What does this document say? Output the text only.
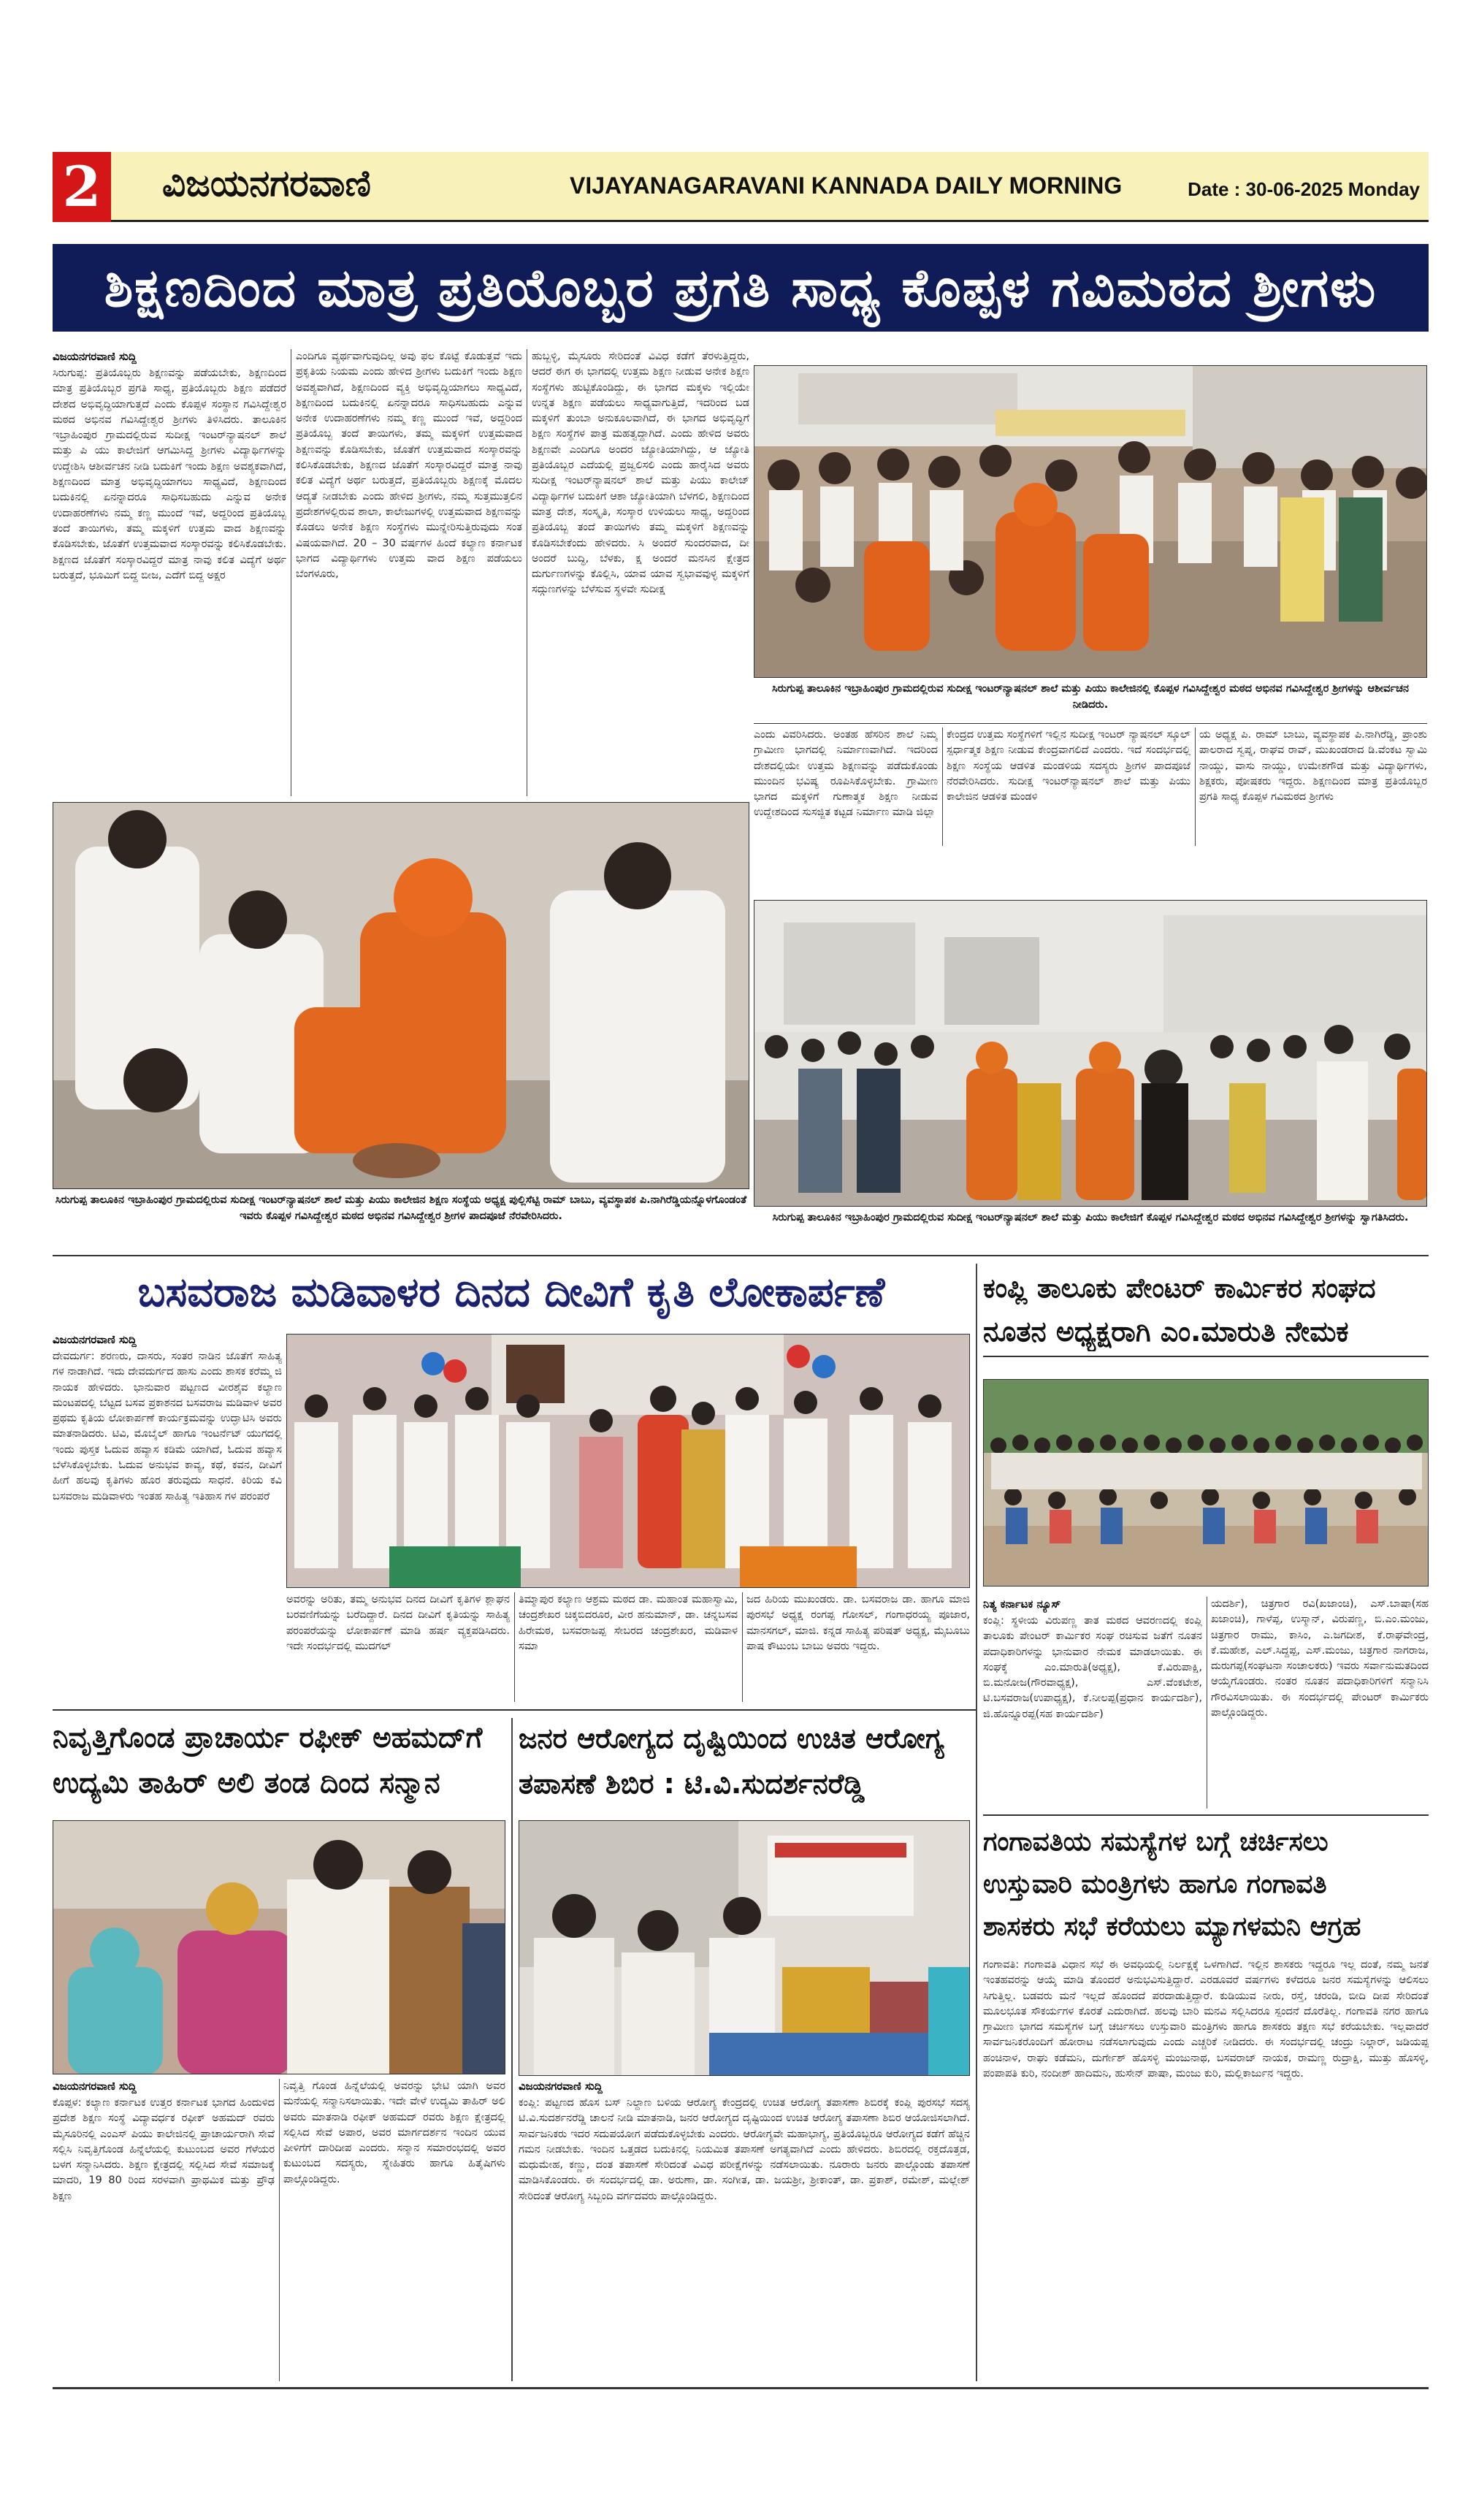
2 ವಿಜಯನಗರವಾಣಿ	VIJAYANAGARAVANI KANNADA DAILY MORNING	Date : 30-06-2025 Monday
ಶಿಕ್ಷಣದಿಂದ ಮಾತ್ರ ಪ್ರತಿಯೊಬ್ಬರ ಪ್ರಗತಿ ಸಾಧ್ಯ ಕೊಪ್ಪಳ ಗವಿಮಠದ ಶ್ರೀಗಳು

ವಿಜಯನಗರವಾಣಿ ಸುದ್ದಿ

ಸಿರುಗುಪ್ಪ: ಪ್ರತಿಯೊಬ್ಬರು ಶಿಕ್ಷಣವನ್ನು ಪಡೆಯಬೇಕು, ಶಿಕ್ಷಣದಿಂದ ಮಾತ್ರ ಪ್ರತಿಯೊಬ್ಬರ ಪ್ರಗತಿ ಸಾಧ್ಯ, ಪ್ರತಿಯೊಬ್ಬರು ಶಿಕ್ಷಣ ಪಡೆದರೆ ದೇಶದ ಅಭಿವೃದ್ಧಿಯಾಗುತ್ತದೆ ಎಂದು ಕೊಪ್ಪಳ ಸಂಸ್ಥಾನ ಗವಿಸಿದ್ದೇಶ್ವರ ಮಠದ ಅಭಿನವ ಗವಿಸಿದ್ದೇಶ್ವರ ಶ್ರೀಗಳು ತಿಳಿಸಿದರು. ತಾಲೂಕಿನ ಇಬ್ರಾಹಿಂಪುರ ಗ್ರಾಮದಲ್ಲಿರುವ ಸುದೀಕ್ಷ ಇಂಟರ್‌ನ್ಯಾಷನಲ್ ಶಾಲೆ ಮತ್ತು ಪಿ ಯು ಕಾಲೇಜಿಗೆ ಆಗಮಿಸಿದ್ದ ಶ್ರೀಗಳು ವಿದ್ಯಾರ್ಥಿಗಳನ್ನು ಉದ್ದೇಶಿಸಿ ಆಶೀರ್ವಚನ ನೀಡಿ ಬದುಕಿಗೆ ಇಂದು ಶಿಕ್ಷಣ ಅವಶ್ಯಕವಾಗಿದೆ, ಶಿಕ್ಷಣದಿಂದ ಮಾತ್ರ ಅಭಿವೃದ್ಧಿಯಾಗಲು ಸಾಧ್ಯವಿದೆ, ಶಿಕ್ಷಣದಿಂದ ಬದುಕಿನಲ್ಲಿ ಏನನ್ನಾದರೂ ಸಾಧಿಸಬಹುದು ಎನ್ನುವ ಅನೇಕ ಉದಾಹರಣೆಗಳು ನಮ್ಮ ಕಣ್ಣ ಮುಂದೆ ಇವೆ, ಅದ್ದರಿಂದ ಪ್ರತಿಯೊಬ್ಬ ತಂದೆ ತಾಯಿಗಳು, ತಮ್ಮ ಮಕ್ಕಳಿಗೆ ಉತ್ತಮ ವಾದ ಶಿಕ್ಷಣವನ್ನು ಕೊಡಿಸಬೇಕು, ಜೊತೆಗೆ ಉತ್ತಮವಾದ ಸಂಸ್ಕಾರವನ್ನು ಕಲಿಸಿಕೊಡಬೇಕು. ಶಿಕ್ಷಣದ ಜೊತೆಗೆ ಸಂಸ್ಕಾರವಿದ್ದರೆ ಮಾತ್ರ ನಾವು ಕಲಿತ ವಿದ್ಯೆಗೆ ಅರ್ಥ ಬರುತ್ತದೆ, ಭೂಮಿಗೆ ಬಿದ್ದ ಬೀಜ, ಎದೆಗೆ ಬಿದ್ದ ಅಕ್ಷರ

ಎಂದಿಗೂ ವ್ಯರ್ಥವಾಗುವುದಿಲ್ಲ ಅವು ಫಲ ಕೊಟ್ಟೆ ಕೊಡುತ್ತವೆ ಇದು ಪ್ರಕೃತಿಯ ನಿಯಮ ಎಂದು ಹೇಳಿದ ಶ್ರೀಗಳು ಬದುಕಿಗೆ ಇಂದು ಶಿಕ್ಷಣ ಅವಶ್ಯವಾಗಿದೆ, ಶಿಕ್ಷಣದಿಂದ ವ್ಯಕ್ತಿ ಅಭಿವೃದ್ಧಿಯಾಗಲು ಸಾಧ್ಯವಿದೆ, ಶಿಕ್ಷಣದಿಂದ ಬದುಕಿನಲ್ಲಿ ಏನನ್ನಾದರೂ ಸಾಧಿಸಬಹುದು ಎನ್ನುವ ಅನೇಕ ಉದಾಹರಣೆಗಳು ನಮ್ಮ ಕಣ್ಣ ಮುಂದೆ ಇವೆ, ಅದ್ದರಿಂದ ಪ್ರತಿಯೊಬ್ಬ ತಂದೆ ತಾಯಿಗಳು, ತಮ್ಮ ಮಕ್ಕಳಿಗೆ ಉತ್ತಮವಾದ ಶಿಕ್ಷಣವನ್ನು ಕೊಡಿಸಬೇಕು, ಜೊತೆಗೆ ಉತ್ತಮವಾದ ಸಂಸ್ಕಾರವನ್ನು ಕಲಿಸಿಕೊಡಬೇಕು, ಶಿಕ್ಷಣದ ಜೊತೆಗೆ ಸಂಸ್ಕಾರವಿದ್ದರೆ ಮಾತ್ರ ನಾವು ಕಲಿತ ವಿದ್ಯೆಗೆ ಅರ್ಥ ಬರುತ್ತದೆ, ಪ್ರತಿಯೊಬ್ಬರು ಶಿಕ್ಷಣಕ್ಕೆ ಮೊದಲ ಆದ್ಯತೆ ನೀಡಬೇಕು ಎಂದು ಹೇಳಿದ ಶ್ರೀಗಳು, ನಮ್ಮ ಸುತ್ತಮುತ್ತಲಿನ ಪ್ರದೇಶಗಳಲ್ಲಿರುವ ಶಾಲಾ, ಕಾಲೇಜುಗಳಲ್ಲಿ ಉತ್ತಮವಾದ ಶಿಕ್ಷಣವನ್ನು ಕೊಡಲು ಅನೇಕ ಶಿಕ್ಷಣ ಸಂಸ್ಥೆಗಳು ಮುನ್ನೇರಿಸುತ್ತಿರುವುದು ಸಂತ ವಿಷಯವಾಗಿದೆ. 20 – 30 ವರ್ಷಗಳ ಹಿಂದೆ ಕಲ್ಯಾಣ ಕರ್ನಾಟಕ ಭಾಗದ ವಿದ್ಯಾರ್ಥಿಗಳು ಉತ್ತಮ ವಾದ ಶಿಕ್ಷಣ ಪಡೆಯಲು ಬೆಂಗಳೂರು,

ಹುಬ್ಬಳ್ಳಿ, ಮೈಸೂರು ಸೇರಿದಂತೆ ವಿವಿಧ ಕಡೆಗೆ ತೆರಳುತ್ತಿದ್ದರು, ಆದರೆ ಈಗ ಈ ಭಾಗದಲ್ಲಿ ಉತ್ತಮ ಶಿಕ್ಷಣ ನೀಡುವ ಅನೇಕ ಶಿಕ್ಷಣ ಸಂಸ್ಥೆಗಳು ಹುಟ್ಟಿಕೊಂಡಿದ್ದು, ಈ ಭಾಗದ ಮಕ್ಕಳು ಇಲ್ಲಿಯೇ ಉನ್ನತ ಶಿಕ್ಷಣ ಪಡೆಯಲು ಸಾಧ್ಯವಾಗುತ್ತಿದೆ, ಇದರಿಂದ ಬಡ ಮಕ್ಕಳಿಗೆ ತುಂಬಾ ಅನುಕೂಲವಾಗಿದೆ, ಈ ಭಾಗದ ಅಭಿವೃದ್ಧಿಗೆ ಶಿಕ್ಷಣ ಸಂಸ್ಥೆಗಳ ಪಾತ್ರ ಮಹತ್ವದ್ದಾಗಿದೆ. ಎಂದು ಹೇಳಿದ ಅವರು ಶಿಕ್ಷಣವೇ ಎಂದಿಗೂ ಅಂದರ ಜ್ಯೋತಿಯಾಗಿದ್ದು, ಆ ಜ್ಯೋತಿ ಪ್ರತಿಯೊಬ್ಬರ ಎದೆಯಲ್ಲಿ ಪ್ರಜ್ವಲಿಸಲಿ ಎಂದು ಹಾರೈಸಿದ ಅವರು ಸುದೀಕ್ಷ ಇಂಟರ್‌ನ್ಯಾಷನಲ್ ಶಾಲೆ ಮತ್ತು ಪಿಯು ಕಾಲೇಜ್ ವಿದ್ಯಾರ್ಥಿಗಳ ಬದುಕಿಗೆ ಆಶಾ ಜ್ಯೋತಿಯಾಗಿ ಬೆಳಗಲಿ, ಶಿಕ್ಷಣದಿಂದ ಮಾತ್ರ ದೇಶ, ಸಂಸ್ಕೃತಿ, ಸಂಸ್ಕಾರ ಉಳಿಯಲು ಸಾಧ್ಯ, ಅದ್ದರಿಂದ ಪ್ರತಿಯೊಬ್ಬ ತಂದೆ ತಾಯಿಗಳು ತಮ್ಮ ಮಕ್ಕಳಿಗೆ ಶಿಕ್ಷಣವನ್ನು ಕೊಡಿಸಬೇಕೆಂದು ಹೇಳಿದರು. ಸಿ ಅಂದರೆ ಸುಂದರವಾದ, ದೀ ಅಂದರೆ ಬುದ್ಧಿ, ಬೆಳಕು, ಕ್ಷ ಅಂದರೆ ಮನಸಿನ ಕ್ಷೇತ್ರದ ದುರ್ಗುಣಗಳನ್ನು ಕೊಲ್ಲಿಸಿ, ಯಾವ ಯಾವ ಸ್ವಭಾವವುಳ್ಳ ಮಕ್ಕಳಿಗೆ ಸದ್ಗುಣಗಳನ್ನು ಬೆಳೆಸುವ ಸ್ಥಳವೇ ಸುದೀಕ್ಷ

ಸಿರುಗುಪ್ಪ ತಾಲೂಕಿನ ಇಬ್ರಾಹಿಂಪುರ ಗ್ರಾಮದಲ್ಲಿರುವ ಸುದೀಕ್ಷ ಇಂಟರ್‌ನ್ಯಾಷನಲ್ ಶಾಲೆ ಮತ್ತು ಪಿಯು ಕಾಲೇಜಿನಲ್ಲಿ ಕೊಪ್ಪಳ ಗವಿಸಿದ್ದೇಶ್ವರ ಮಠದ ಅಭಿನವ ಗವಿಸಿದ್ದೇಶ್ವರ ಶ್ರೀಗಳನ್ನು ಆಶೀರ್ವಚನ ನೀಡಿದರು.

ಎಂದು ವಿವರಿಸಿದರು. ಅಂತಹ ಹೆಸರಿನ ಶಾಲೆ ನಿಮ್ಮ ಗ್ರಾಮೀಣ ಭಾಗದಲ್ಲಿ ನಿರ್ಮಾಣವಾಗಿದೆ. ಇದರಿಂದ ದೇಶದಲ್ಲಿಯೇ ಉತ್ತಮ ಶಿಕ್ಷಣವನ್ನು ಪಡೆದುಕೊಂಡು ಮುಂದಿನ ಭವಿಷ್ಯ ರೂಪಿಸಿಕೊಳ್ಳಬೇಕು. ಗ್ರಾಮೀಣ ಭಾಗದ ಮಕ್ಕಳಿಗೆ ಗುಣಾತ್ಮಕ ಶಿಕ್ಷಣ ನೀಡುವ ಉದ್ದೇಶದಿಂದ ಸುಸಜ್ಜಿತ ಕಟ್ಟಡ ನಿರ್ಮಾಣ ಮಾಡಿ ಜಿಲ್ಲಾ

ಕೇಂದ್ರದ ಉತ್ತಮ ಸಂಸ್ಥೆಗಳಿಗೆ ಇಲ್ಲಿನ ಸುದೀಕ್ಷ ಇಂಟರ್ ನ್ಯಾಷನಲ್ ಸ್ಕೂಲ್ ಸ್ಪರ್ಧಾತ್ಮಕ ಶಿಕ್ಷಣ ನೀಡುವ ಕೇಂದ್ರವಾಗಲಿದೆ ಎಂದರು. ಇದೆ ಸಂದರ್ಭದಲ್ಲಿ ಶಿಕ್ಷಣ ಸಂಸ್ಥೆಯ ಆಡಳಿತ ಮಂಡಳಿಯ ಸದಸ್ಯರು ಶ್ರೀಗಳ ಪಾದಪೂಜೆ ನೆರವೇರಿಸಿದರು. ಸುದೀಕ್ಷ ಇಂಟರ್‌ನ್ಯಾಷನಲ್ ಶಾಲೆ ಮತ್ತು ಪಿಯು ಕಾಲೇಜಿನ ಆಡಳಿತ ಮಂಡಳಿ

ಯ ಅಧ್ಯಕ್ಷ ಪಿ. ರಾಮ್ ಬಾಬು, ವ್ಯವಸ್ಥಾಪಕ ಪಿ.ನಾಗಿರೆಡ್ಡಿ, ಪ್ರಾಂಶು ಪಾಲರಾದ ಸ್ವಪ್ನ, ರಾಘವ ರಾವ್, ಮುಖಂಡರಾದ ಡಿ.ವೆಂಕಟ ಸ್ವಾಮಿ ನಾಯ್ಡು, ವಾಸು ನಾಯ್ಡು, ಉಮೇಶಗೌಡ ಮತ್ತು ವಿದ್ಯಾರ್ಥಿಗಳು, ಶಿಕ್ಷಕರು, ಪೋಷಕರು ಇದ್ದರು. ಶಿಕ್ಷಣದಿಂದ ಮಾತ್ರ ಪ್ರತಿಯೊಬ್ಬರ ಪ್ರಗತಿ ಸಾಧ್ಯ ಕೊಪ್ಪಳ ಗವಿಮಠದ ಶ್ರೀಗಳು

ಸಿರುಗುಪ್ಪ ತಾಲೂಕಿನ ಇಬ್ರಾಹಿಂಪುರ ಗ್ರಾಮದಲ್ಲಿರುವ ಸುದೀಕ್ಷ ಇಂಟರ್‌ನ್ಯಾಷನಲ್ ಶಾಲೆ ಮತ್ತು ಪಿಯು ಕಾಲೇಜಿನ ಶಿಕ್ಷಣ ಸಂಸ್ಥೆಯ ಅಧ್ಯಕ್ಷ ಪುಲ್ಲಿಸೆಟ್ಟಿ ರಾಮ್ ಬಾಬು, ವ್ಯವಸ್ಥಾಪಕ ಪಿ.ನಾಗಿರೆಡ್ಡಿಯನ್ನೊಳಗೊಂಡಂತೆ ಇವರು ಕೊಪ್ಪಳ ಗವಿಸಿದ್ದೇಶ್ವರ ಮಠದ ಅಭಿನವ ಗವಿಸಿದ್ದೇಶ್ವರ ಶ್ರೀಗಳ ಪಾದಪೂಜೆ ನೆರವೇರಿಸಿದರು.	ಸಿರುಗುಪ್ಪ ತಾಲೂಕಿನ ಇಬ್ರಾಹಿಂಪುರ ಗ್ರಾಮದಲ್ಲಿರುವ ಸುದೀಕ್ಷ ಇಂಟರ್‌ನ್ಯಾಷನಲ್ ಶಾಲೆ ಮತ್ತು ಪಿಯು ಕಾಲೇಜಿಗೆ ಕೊಪ್ಪಳ ಗವಿಸಿದ್ದೇಶ್ವರ ಮಠದ ಅಭಿನವ ಗವಿಸಿದ್ದೇಶ್ವರ ಶ್ರೀಗಳನ್ನು ಸ್ವಾಗತಿಸಿದರು.
ಬಸವರಾಜ ಮಡಿವಾಳರ ದಿನದ ದೀವಿಗೆ ಕೃತಿ ಲೋಕಾರ್ಪಣೆ

ವಿಜಯನಗರವಾಣಿ ಸುದ್ದಿ

ದೇವದುರ್ಗ: ಶರಣರು, ದಾಸರು, ಸಂತರ ನಾಡಿನ ಜೊತೆಗೆ ಸಾಹಿತ್ಯ ಗಳ ನಾಡಾಗಿದೆ. ಇದು ದೇವದುರ್ಗದ ಹಾಸು ಎಂದು ಶಾಸಕ ಕರೆಮ್ಮ ಜಿ ನಾಯಕ ಹೇಳಿದರು. ಭಾನುವಾರ ಪಟ್ಟಣದ ವೀರಶೈವ ಕಲ್ಯಾಣ ಮಂಟಪದಲ್ಲಿ ಬೆಟ್ಟದ ಬಸವ ಪ್ರಕಾಶನದ ಬಸವರಾಜ ಮಡಿವಾಳ ಅವರ ಪ್ರಥಮ ಕೃತಿಯ ಲೋಕಾರ್ಪಣೆ ಕಾರ್ಯಕ್ರಮವನ್ನು ಉದ್ಘಾಟಿಸಿ ಅವರು ಮಾತನಾಡಿದರು. ಟಿವಿ, ಮೊಬೈಲ್ ಹಾಗೂ ಇಂಟರ್ನೆಟ್ ಯುಗದಲ್ಲಿ ಇಂದು ಪುಸ್ತಕ ಓದುವ ಹವ್ಯಾಸ ಕಡಿಮೆ ಯಾಗಿದೆ, ಓದುವ ಹವ್ಯಾಸ ಬೆಳೆಸಿಕೊಳ್ಳಬೇಕು. ಓದುವ ಅನುಭವ ಕಾವ್ಯ, ಕಥೆ, ಕವನ, ದೀವಿಗೆ ಹೀಗೆ ಹಲವು ಕೃತಿಗಳು ಹೊರ ತರುವುದು ಸಾಧನೆ. ಕಿರಿಯ ಕವಿ ಬಸವರಾಜ ಮಡಿವಾಳರು ಇಂತಹ ಸಾಹಿತ್ಯ ಇತಿಹಾಸ ಗಳ ಪರಂಪರೆ

ಅವರನ್ನು ಅರಿತು, ತಮ್ಮ ಅನುಭವ ದಿನದ ದೀವಿಗೆ ಕೃತಿಗಳ ಶ್ಲಾಘನ ಬರವಣಿಗೆಯನ್ನು ಬರೆದಿದ್ದಾರೆ. ದಿನದ ದೀವಿಗೆ ಕೃತಿಯನ್ನು ಸಾಹಿತ್ಯ ಪರಂಪರೆಯನ್ನು ಲೋಕಾರ್ಪಣೆ ಮಾಡಿ ಹರ್ಷ ವ್ಯಕ್ತಪಡಿಸಿದರು. ಇದೇ ಸಂದರ್ಭದಲ್ಲಿ ಮುದಗಲ್

ತಿಮ್ಮಾಪುರ ಕಲ್ಯಾಣ ಆಶ್ರಮ ಮಠದ ಡಾ. ಮಹಾಂತ ಮಹಾಸ್ವಾಮಿ, ಚಂದ್ರಶೇಖರ ಚಿಕ್ಕಬಿದರೂರ, ವೀರ ಹನುಮಾನ್, ಡಾ. ಚನ್ನಬಸವ ಹಿರೇಮಠ, ಬಸವರಾಜಪ್ಪ ಸೇಬರದ ಚಂದ್ರಶೇಖರ, ಮಡಿವಾಳ ಸಮಾ

ಜದ ಹಿರಿಯ ಮುಖಂಡರು. ಡಾ. ಬಸವರಾಜ ಡಾ. ಹಾಗೂ ಮಾಜಿ ಪುರಸಭೆ ಅಧ್ಯಕ್ಷ ರಂಗಪ್ಪ ಗೋಸಲ್, ಗಂಗಾಧರಯ್ಯ ಪೂಜಾರ, ಮಾನಸಗಲ್, ಮಾಜಿ. ಕನ್ನಡ ಸಾಹಿತ್ಯ ಪರಿಷತ್ ಅಧ್ಯಕ್ಷ, ಮೈಬೂಬು ಪಾಷ ಕೌಟುಂಬ ಬಾಬು ಅವರು ಇದ್ದರು.

ಕಂಪ್ಲಿ ತಾಲೂಕು ಪೇಂಟರ್ ಕಾರ್ಮಿಕರ ಸಂಘದ
ನೂತನ ಅಧ್ಯಕ್ಷರಾಗಿ ಎಂ.ಮಾರುತಿ ನೇಮಕ

ನಿತ್ಯ ಕರ್ನಾಟಕ ನ್ಯೂಸ್

ಕಂಪ್ಲಿ: ಸ್ಥಳೀಯ ವಿರುಪಣ್ಣ ತಾತ ಮಠದ ಆವರಣದಲ್ಲಿ ಕಂಪ್ಲಿ ತಾಲೂಕು ಪೇಂಟರ್ ಕಾರ್ಮಿಕರ ಸಂಘ ರಚಿಸುವ ಜತೆಗೆ ನೂತನ ಪದಾಧಿಕಾರಿಗಳನ್ನು ಭಾನುವಾರ ನೇಮಕ ಮಾಡಲಾಯಿತು. ಈ ಸಂಘಕ್ಕೆ ಎಂ.ಮಾರುತಿ(ಅಧ್ಯಕ್ಷ), ಕೆ.ವಿರುಪಾಕ್ಷಿ, ಬಿ.ಮನೋಜ(ಗೌರವಾಧ್ಯಕ್ಷ), ಎಸ್.ವೆಂಕಟೇಶ, ಟಿ.ಬಸವರಾಜ(ಉಪಾಧ್ಯಕ್ಷ), ಕೆ.ನೀಲಪ್ಪ(ಪ್ರಧಾನ ಕಾರ್ಯದರ್ಶಿ), ಜಿ.ಹೊನ್ನೂರಪ್ಪ(ಸಹ ಕಾರ್ಯದರ್ಶಿ)

ಯದರ್ಶಿ), ಚಿತ್ರಗಾರ ರವಿ(ಖಜಾಂಚಿ), ಎಸ್.ಬಾಷಾ(ಸಹ ಖಜಾಂಚಿ), ಗಾಳೆಪ್ಪ, ಉಸ್ಮಾನ್, ವಿರುಪಣ್ಣ, ಬಿ.ಎಂ.ಮಂಜು, ಚಿತ್ರಗಾರ ರಾಮು, ಕಾಸಿಂ, ಎ.ಜಗದೀಶ, ಕೆ.ರಾಘವೇಂದ್ರ, ಕೆ.ಮಹೇಶ, ಎಲ್.ಸಿದ್ದಪ್ಪ, ಎಸ್.ಮಂಜು, ಚಿತ್ರಗಾರ ನಾಗರಾಜ, ದುರುಗಪ್ಪ(ಸಂಘಟನಾ ಸಂಚಾಲಕರು) ಇವರು ಸರ್ವಾನುಮತದಿಂದ ಆಯ್ಕೆಗೊಂಡರು. ನಂತರ ನೂತನ ಪದಾಧಿಕಾರಿಗಳಿಗೆ ಸನ್ಮಾನಿಸಿ ಗೌರವಿಸಲಾಯಿತು. ಈ ಸಂದರ್ಭದಲ್ಲಿ ಪೇಂಟರ್ ಕಾರ್ಮಿಕರು ಪಾಲ್ಗೊಂಡಿದ್ದರು.

ನಿವೃತ್ತಿಗೊಂಡ ಪ್ರಾಚಾರ್ಯ ರಫೀಕ್ ಅಹಮದ್‌ಗೆ
ಉದ್ಯಮಿ ತಾಹಿರ್ ಅಲಿ ತಂಡ ದಿಂದ ಸನ್ಮಾನ

ವಿಜಯನಗರವಾಣಿ ಸುದ್ದಿ

ಕೊಪ್ಪಳ: ಕಲ್ಯಾಣ ಕರ್ನಾಟಕ ಉತ್ತರ ಕರ್ನಾಟಕ ಭಾಗದ ಹಿಂದುಳಿದ ಪ್ರದೇಶ ಶಿಕ್ಷಣ ಸಂಸ್ಥೆ ವಿದ್ಯಾವರ್ಧಕ ರಫೀಕ್ ಅಹಮದ್ ರವರು ಮೈಸೂರಿನಲ್ಲಿ ಎಂಎಸ್ ಪಿಯು ಕಾಲೇಜಿನಲ್ಲಿ ಪ್ರಾಚಾರ್ಯರಾಗಿ ಸೇವೆ ಸಲ್ಲಿಸಿ ನಿವೃತ್ತಿಗೊಂಡ ಹಿನ್ನೆಲೆಯಲ್ಲಿ ಕುಟುಂಬದ ಅವರ ಗೆಳೆಯರ ಬಳಗ ಸನ್ಮಾನಿಸಿದರು. ಶಿಕ್ಷಣ ಕ್ಷೇತ್ರದಲ್ಲಿ ಸಲ್ಲಿಸಿದ ಸೇವೆ ಸಮಾಜಕ್ಕೆ ಮಾದರಿ, 19 80 ರಿಂದ ಸರಳವಾಗಿ ಪ್ರಾಥಮಿಕ ಮತ್ತು ಪ್ರೌಢ ಶಿಕ್ಷಣ

ನಿವೃತ್ತಿ ಗೊಂಡ ಹಿನ್ನೆಲೆಯಲ್ಲಿ ಅವರನ್ನು ಭೇಟಿ ಯಾಗಿ ಅವರ ಮನೆಯಲ್ಲಿ ಸನ್ಮಾನಿಸಲಾಯಿತು. ಇದೇ ವೇಳೆ ಉದ್ಯಮಿ ತಾಹಿರ್ ಅಲಿ ಅವರು ಮಾತನಾಡಿ ರಫೀಕ್ ಅಹಮದ್ ರವರು ಶಿಕ್ಷಣ ಕ್ಷೇತ್ರದಲ್ಲಿ ಸಲ್ಲಿಸಿದ ಸೇವೆ ಅಪಾರ, ಅವರ ಮಾರ್ಗದರ್ಶನ ಇಂದಿನ ಯುವ ಪೀಳಿಗೆಗೆ ದಾರಿದೀಪ ಎಂದರು. ಸನ್ಮಾನ ಸಮಾರಂಭದಲ್ಲಿ ಅವರ ಕುಟುಂಬದ ಸದಸ್ಯರು, ಸ್ನೇಹಿತರು ಹಾಗೂ ಹಿತೈಷಿಗಳು ಪಾಲ್ಗೊಂಡಿದ್ದರು.

ಜನರ ಆರೋಗ್ಯದ ದೃಷ್ಟಿಯಿಂದ ಉಚಿತ ಆರೋಗ್ಯ
ತಪಾಸಣೆ ಶಿಬಿರ : ಟಿ.ವಿ.ಸುದರ್ಶನರೆಡ್ಡಿ

ವಿಜಯನಗರವಾಣಿ ಸುದ್ದಿ

ಕಂಪ್ಲಿ: ಪಟ್ಟಣದ ಹೊಸ ಬಸ್ ನಿಲ್ದಾಣ ಬಳಿಯ ಆರೋಗ್ಯ ಕೇಂದ್ರದಲ್ಲಿ ಉಚಿತ ಆರೋಗ್ಯ ತಪಾಸಣಾ ಶಿಬಿರಕ್ಕೆ ಕಂಪ್ಲಿ ಪುರಸಭೆ ಸದಸ್ಯ ಟಿ.ವಿ.ಸುದರ್ಶನರೆಡ್ಡಿ ಚಾಲನೆ ನೀಡಿ ಮಾತನಾಡಿ, ಜನರ ಆರೋಗ್ಯದ ದೃಷ್ಟಿಯಿಂದ ಉಚಿತ ಆರೋಗ್ಯ ತಪಾಸಣಾ ಶಿಬಿರ ಆಯೋಜಿಸಲಾಗಿದೆ. ಸಾರ್ವಜನಿಕರು ಇದರ ಸದುಪಯೋಗ ಪಡೆದುಕೊಳ್ಳಬೇಕು ಎಂದರು. ಆರೋಗ್ಯವೇ ಮಹಾಭಾಗ್ಯ, ಪ್ರತಿಯೊಬ್ಬರೂ ಆರೋಗ್ಯದ ಕಡೆಗೆ ಹೆಚ್ಚಿನ ಗಮನ ನೀಡಬೇಕು. ಇಂದಿನ ಒತ್ತಡದ ಬದುಕಿನಲ್ಲಿ ನಿಯಮಿತ ತಪಾಸಣೆ ಅಗತ್ಯವಾಗಿದೆ ಎಂದು ಹೇಳಿದರು. ಶಿಬಿರದಲ್ಲಿ ರಕ್ತದೊತ್ತಡ, ಮಧುಮೇಹ, ಕಣ್ಣು, ದಂತ ತಪಾಸಣೆ ಸೇರಿದಂತೆ ವಿವಿಧ ಪರೀಕ್ಷೆಗಳನ್ನು ನಡೆಸಲಾಯಿತು. ನೂರಾರು ಜನರು ಪಾಲ್ಗೊಂಡು ತಪಾಸಣೆ ಮಾಡಿಸಿಕೊಂಡರು. ಈ ಸಂದರ್ಭದಲ್ಲಿ ಡಾ. ಅರುಣಾ, ಡಾ. ಸಂಗೀತ, ಡಾ. ಜಯಶ್ರೀ, ಶ್ರೀಕಾಂತ್, ಡಾ. ಪ್ರಕಾಶ್, ರಮೇಶ್, ಮಲ್ಲೇಶ್ ಸೇರಿದಂತೆ ಆರೋಗ್ಯ ಸಿಬ್ಬಂದಿ ವರ್ಗದವರು ಪಾಲ್ಗೊಂಡಿದ್ದರು.

ಗಂಗಾವತಿಯ ಸಮಸ್ಯೆಗಳ ಬಗ್ಗೆ ಚರ್ಚಿಸಲು
ಉಸ್ತುವಾರಿ ಮಂತ್ರಿಗಳು ಹಾಗೂ ಗಂಗಾವತಿ
ಶಾಸಕರು ಸಭೆ ಕರೆಯಲು ಮ್ಯಾಗಳಮನಿ ಆಗ್ರಹ

ಗಂಗಾವತಿ: ಗಂಗಾವತಿ ವಿಧಾನ ಸಭೆ ಈ ಅವಧಿಯಲ್ಲಿ ನಿರ್ಲಕ್ಷಕ್ಕೆ ಒಳಗಾಗಿದೆ. ಇಲ್ಲಿನ ಶಾಸಕರು ಇದ್ದರೂ ಇಲ್ಲ ದಂತೆ, ನಮ್ಮ ಜನತೆ ಇಂತಹವರನ್ನು ಆಯ್ಕೆ ಮಾಡಿ ತೊಂದರೆ ಅನುಭವಿಸುತ್ತಿದ್ದಾರೆ. ಎರಡೂವರೆ ವರ್ಷಗಳು ಕಳೆದರೂ ಜನರ ಸಮಸ್ಯೆಗಳನ್ನು ಆಲಿಸಲು ಸಿಗುತ್ತಿಲ್ಲ. ಬಡವರು ಮನೆ ಇಲ್ಲದೆ ಹೊಂದದೆ ಪರದಾಡುತ್ತಿದ್ದಾರೆ. ಕುಡಿಯುವ ನೀರು, ರಸ್ತೆ, ಚರಂಡಿ, ಬೀದಿ ದೀಪ ಸೇರಿದಂತೆ ಮೂಲಭೂತ ಸೌಕರ್ಯಗಳ ಕೊರತೆ ಎದುರಾಗಿದೆ. ಹಲವು ಬಾರಿ ಮನವಿ ಸಲ್ಲಿಸಿದರೂ ಸ್ಪಂದನೆ ದೊರೆತಿಲ್ಲ. ಗಂಗಾವತಿ ನಗರ ಹಾಗೂ ಗ್ರಾಮೀಣ ಭಾಗದ ಸಮಸ್ಯೆಗಳ ಬಗ್ಗೆ ಚರ್ಚಿಸಲು ಉಸ್ತುವಾರಿ ಮಂತ್ರಿಗಳು ಹಾಗೂ ಶಾಸಕರು ತಕ್ಷಣ ಸಭೆ ಕರೆಯಬೇಕು. ಇಲ್ಲವಾದರೆ ಸಾರ್ವಜನಿಕರೊಂದಿಗೆ ಹೋರಾಟ ನಡೆಸಲಾಗುವುದು ಎಂದು ಎಚ್ಚರಿಕೆ ನೀಡಿದರು. ಈ ಸಂದರ್ಭದಲ್ಲಿ ಚಂದ್ರು ನಿಲ್ಗಾರ್, ಜಡಿಯಪ್ಪ ಹಂಚಿನಾಳ, ರಾಘು ಕಡೆಮನಿ, ದುರ್ಗೇಶ್ ಹೊಸಳ್ಳಿ ಮಂಜುನಾಥ, ಬಸವರಾಜ್ ನಾಯಕ, ರಾಮಣ್ಣ ರುದ್ರಾಕ್ಷಿ, ಮುತ್ತು ಹೊಸಳ್ಳಿ, ಪಂಪಾಪತಿ ಕುರಿ, ನಂದೀಶ್ ಹಾದಿಮನಿ, ಹುಸೇನ್ ಪಾಷಾ, ಮಂಜು ಕುರಿ, ಮಲ್ಲಿಕಾರ್ಜುನ ಇದ್ದರು.
